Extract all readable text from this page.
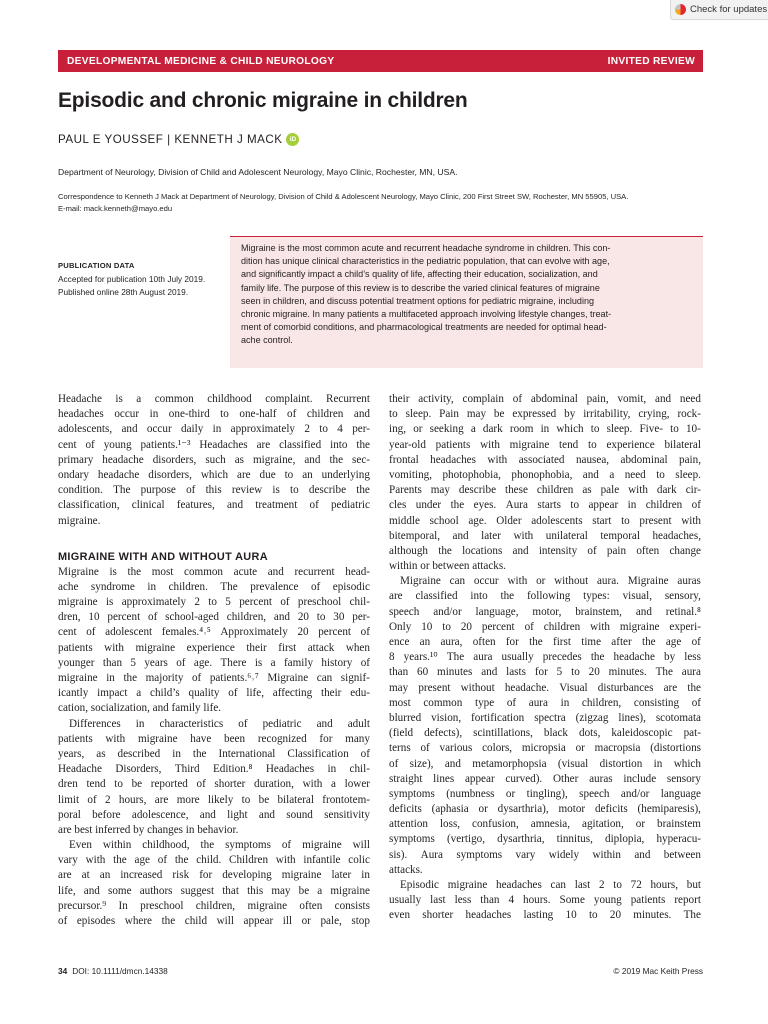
Check for updates
DEVELOPMENTAL MEDICINE & CHILD NEUROLOGY	INVITED REVIEW
Episodic and chronic migraine in children
PAUL E YOUSSEF | KENNETH J MACK	iD
Department of Neurology, Division of Child and Adolescent Neurology, Mayo Clinic, Rochester, MN, USA.
Correspondence to Kenneth J Mack at Department of Neurology, Division of Child & Adolescent Neurology, Mayo Clinic, 200 First Street SW, Rochester, MN 55905, USA.
E-mail: mack.kenneth@mayo.edu
PUBLICATION DATA
Accepted for publication 10th July 2019.
Published online 28th August 2019.
Migraine is the most common acute and recurrent headache syndrome in children. This con-
dition has unique clinical characteristics in the pediatric population, that can evolve with age,
and significantly impact a child’s quality of life, affecting their education, socialization, and
family life. The purpose of this review is to describe the varied clinical features of migraine
seen in children, and discuss potential treatment options for pediatric migraine, including
chronic migraine. In many patients a multifaceted approach involving lifestyle changes, treat-
ment of comorbid conditions, and pharmacological treatments are needed for optimal head-
ache control.
Headache is a common childhood complaint. Recurrent
headaches occur in one-third to one-half of children and
adolescents, and occur daily in approximately 2 to 4 per-
cent of young patients.¹⁻³ Headaches are classified into the
primary headache disorders, such as migraine, and the sec-
ondary headache disorders, which are due to an underlying
condition. The purpose of this review is to describe the
classification, clinical features, and treatment of pediatric
migraine.
MIGRAINE WITH AND WITHOUT AURA
Migraine is the most common acute and recurrent head-
ache syndrome in children. The prevalence of episodic
migraine is approximately 2 to 5 percent of preschool chil-
dren, 10 percent of school-aged children, and 20 to 30 per-
cent of adolescent females.⁴˒⁵ Approximately 20 percent of
patients with migraine experience their first attack when
younger than 5 years of age. There is a family history of
migraine in the majority of patients.⁶˒⁷ Migraine can signif-
icantly impact a child’s quality of life, affecting their edu-
cation, socialization, and family life.
Differences in characteristics of pediatric and adult
patients with migraine have been recognized for many
years, as described in the International Classification of
Headache Disorders, Third Edition.⁸ Headaches in chil-
dren tend to be reported of shorter duration, with a lower
limit of 2 hours, are more likely to be bilateral frontotem-
poral before adolescence, and light and sound sensitivity
are best inferred by changes in behavior.
Even within childhood, the symptoms of migraine will
vary with the age of the child. Children with infantile colic
are at an increased risk for developing migraine later in
life, and some authors suggest that this may be a migraine
precursor.⁹ In preschool children, migraine often consists
of episodes where the child will appear ill or pale, stop
their activity, complain of abdominal pain, vomit, and need
to sleep. Pain may be expressed by irritability, crying, rock-
ing, or seeking a dark room in which to sleep. Five- to 10-
year-old patients with migraine tend to experience bilateral
frontal headaches with associated nausea, abdominal pain,
vomiting, photophobia, phonophobia, and a need to sleep.
Parents may describe these children as pale with dark cir-
cles under the eyes. Aura starts to appear in children of
middle school age. Older adolescents start to present with
bitemporal, and later with unilateral temporal headaches,
although the locations and intensity of pain often change
within or between attacks.
Migraine can occur with or without aura. Migraine auras
are classified into the following types: visual, sensory,
speech and/or language, motor, brainstem, and retinal.⁸
Only 10 to 20 percent of children with migraine experi-
ence an aura, often for the first time after the age of
8 years.¹⁰ The aura usually precedes the headache by less
than 60 minutes and lasts for 5 to 20 minutes. The aura
may present without headache. Visual disturbances are the
most common type of aura in children, consisting of
blurred vision, fortification spectra (zigzag lines), scotomata
(field defects), scintillations, black dots, kaleidoscopic pat-
terns of various colors, micropsia or macropsia (distortions
of size), and metamorphopsia (visual distortion in which
straight lines appear curved). Other auras include sensory
symptoms (numbness or tingling), speech and/or language
deficits (aphasia or dysarthria), motor deficits (hemiparesis),
attention loss, confusion, amnesia, agitation, or brainstem
symptoms (vertigo, dysarthria, tinnitus, diplopia, hyperacu-
sis). Aura symptoms vary widely within and between
attacks.
Episodic migraine headaches can last 2 to 72 hours, but
usually last less than 4 hours. Some young patients report
even shorter headaches lasting 10 to 20 minutes. The
34 DOI: 10.1111/dmcn.14338	© 2019 Mac Keith Press
